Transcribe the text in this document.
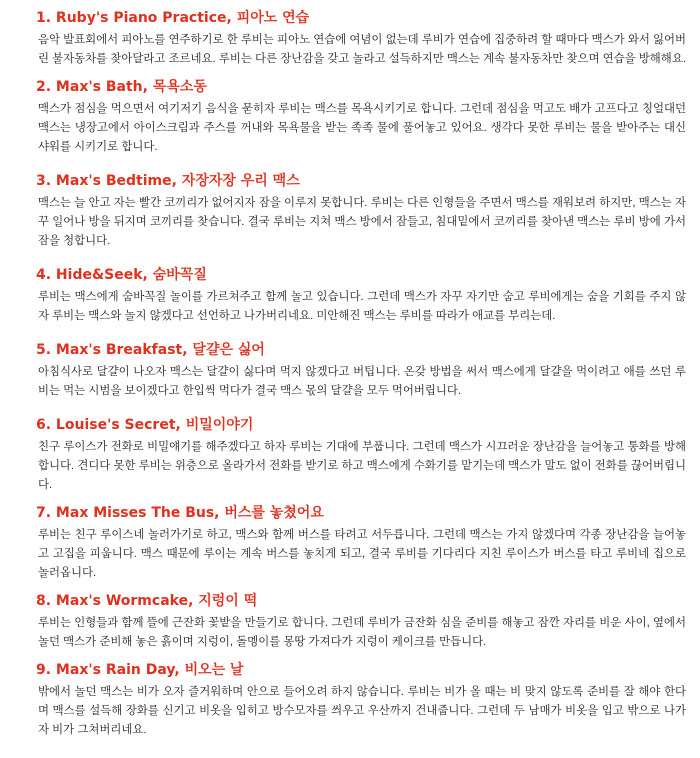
1. Ruby's Piano Practice, 피아노 연습

음악 발표회에서 피아노를 연주하기로 한 루비는 피아노 연습에 여념이 없는데 루비가 연습에 집중하려 할 때마다 맥스가 와서 잃어버린 불자동차를 찾아달라고 조르네요. 루비는 다른 장난감을 갖고 놀라고 설득하지만 맥스는 계속 불자동차만 찾으며 연습을 방해해요.

2. Max's Bath, 목욕소동

맥스가 점심을 먹으면서 여기저기 음식을 묻히자 루비는 맥스를 목욕시키기로 합니다. 그런데 점심을 먹고도 배가 고프다고 칭얼대던 맥스는 냉장고에서 아이스크림과 주스를 꺼내와 목욕물을 받는 족족 물에 풀어놓고 있어요. 생각다 못한 루비는 물을 받아주는 대신 샤워를 시키기로 합니다.

3. Max's Bedtime, 자장자장 우리 맥스

맥스는 늘 안고 자는 빨간 코끼리가 없어지자 잠을 이루지 못합니다. 루비는 다른 인형들을 주면서 맥스를 재워보려 하지만, 맥스는 자꾸 일어나 방을 뒤지며 코끼리를 찾습니다. 결국 루비는 지쳐 맥스 방에서 잠들고, 침대밑에서 코끼리를 찾아낸 맥스는 루비 방에 가서 잠을 청합니다.

4. Hide&Seek, 숨바꼭질

루비는 맥스에게 숨바꼭질 놀이를 가르쳐주고 함께 놀고 있습니다. 그런데 맥스가 자꾸 자기만 숨고 루비에게는 숨을 기회를 주지 않자 루비는 맥스와 놀지 않겠다고 선언하고 나가버리네요. 미안해진 맥스는 루비를 따라가 애교를 부리는데.

5. Max's Breakfast, 달걀은 싫어

아침식사로 달걀이 나오자 맥스는 달걀이 싫다며 먹지 않겠다고 버팁니다. 온갖 방법을 써서 맥스에게 달걀을 먹이려고 애를 쓰던 루비는 먹는 시범을 보이겠다고 한입씩 먹다가 결국 맥스 몫의 달걀을 모두 먹어버립니다.

6. Louise's Secret, 비밀이야기

친구 루이스가 전화로 비밀얘기를 해주겠다고 하자 루비는 기대에 부풉니다. 그런데 맥스가 시끄러운 장난감을 늘어놓고 통화를 방해합니다. 견디다 못한 루비는 위층으로 올라가서 전화를 받기로 하고 맥스에게 수화기를 맡기는데 맥스가 말도 없이 전화를 끊어버립니다.

7. Max Misses The Bus, 버스를 놓쳤어요

루비는 친구 루이스네 놀러가기로 하고, 맥스와 함께 버스를 타려고 서두릅니다. 그런데 맥스는 가지 않겠다며 각종 장난감을 늘어놓고 고집을 피웁니다. 맥스 때문에 루이는 계속 버스를 놓치게 되고, 결국 루비를 기다리다 지친 루이스가 버스를 타고 루비네 집으로 놀러옵니다.

8. Max's Wormcake, 지렁이 떡

루비는 인형들과 함께 뜰에 근잔화 꽃밭을 만들기로 합니다. 그런데 루비가 금잔화 심을 준비를 해놓고 잠깐 자리를 비운 사이, 옆에서 놀던 맥스가 준비해 놓은 흙이며 지렁이, 돌멩이를 몽땅 가져다가 지렁이 케이크를 만듭니다.

9. Max's Rain Day, 비오는 날

밖에서 놀던 맥스는 비가 오자 즐거워하며 안으로 들어오려 하지 않습니다. 루비는 비가 올 때는 비 맞지 않도록 준비를 잘 해야 한다며 맥스를 설득해 장화를 신기고 비옷을 입히고 방수모자를 씌우고 우산까지 건내줍니다. 그런데 두 남매가 비옷을 입고 밖으로 나가자 비가 그쳐버리네요.
